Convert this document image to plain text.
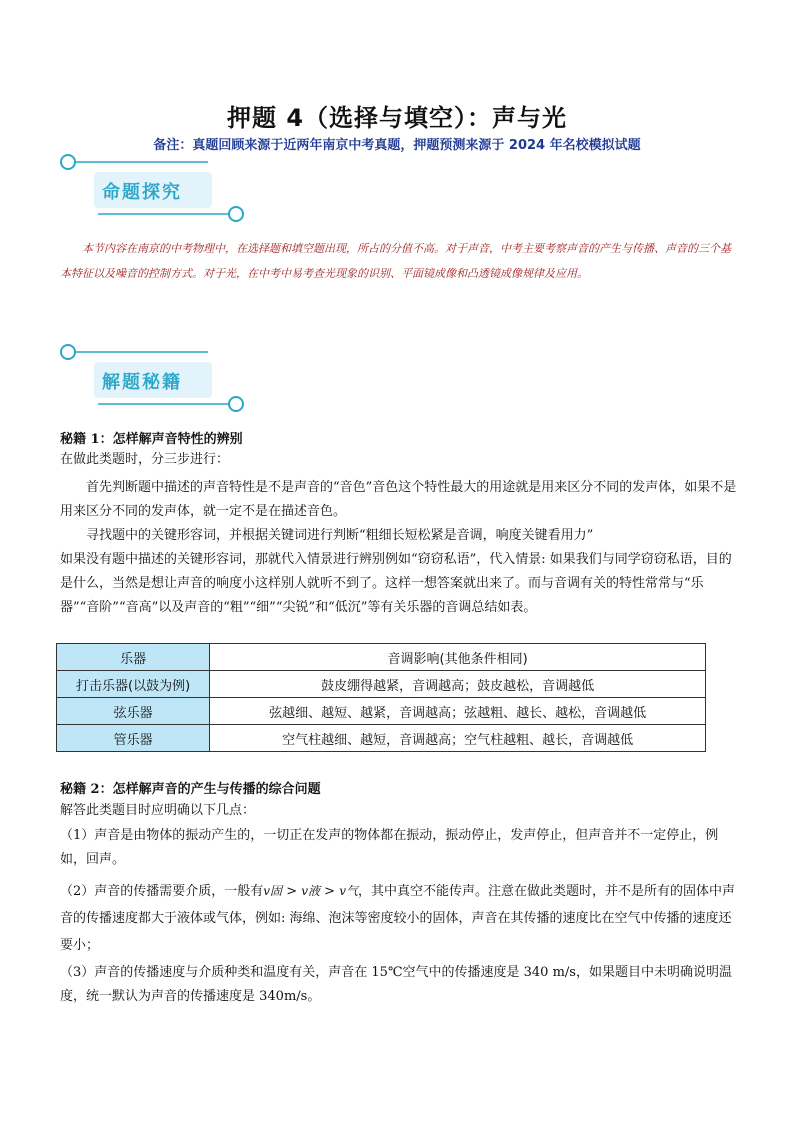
押题 4（选择与填空）：声与光
备注：真题回顾来源于近两年南京中考真题，押题预测来源于 2024 年名校模拟试题
命题探究
本节内容在南京的中考物理中，在选择题和填空题出现，所占的分值不高。对于声音，中考主要考察声音的产生与传播、声音的三个基本特征以及噪音的控制方式。对于光，在中考中易考查光现象的识别、平面镜成像和凸透镜成像规律及应用。
解题秘籍
秘籍 1：怎样解声音特性的辨别
在做此类题时，分三步进行：
首先判断题中描述的声音特性是不是声音的“音色”音色这个特性最大的用途就是用来区分不同的发声体，如果不是用来区分不同的发声体，就一定不是在描述音色。
寻找题中的关键形容词，并根据关键词进行判断“粗细长短松紧是音调，响度关键看用力”
如果没有题中描述的关键形容词，那就代入情景进行辨别例如“窃窃私语”，代入情景: 如果我们与同学窃窃私语，目的是什么，当然是想让声音的响度小这样别人就听不到了。这样一想答案就出来了。而与音调有关的特性常常与“乐器”“音阶”“音高”以及声音的“粗”“细”“尖锐”和“低沉”等有关乐器的音调总结如表。
乐器	音调影响(其他条件相同)
打击乐器(以鼓为例)	鼓皮绷得越紧，音调越高；鼓皮越松，音调越低
弦乐器	弦越细、越短、越紧，音调越高；弦越粗、越长、越松，音调越低
管乐器	空气柱越细、越短，音调越高；空气柱越粗、越长，音调越低
秘籍 2：怎样解声音的产生与传播的综合问题
解答此类题目时应明确以下几点：
（1）声音是由物体的振动产生的，一切正在发声的物体都在振动，振动停止，发声停止，但声音并不一定停止，例如，回声。
（2）声音的传播需要介质，一般有v固 > v液 > v气，其中真空不能传声。注意在做此类题时，并不是所有的固体中声音的传播速度都大于液体或气体，例如: 海绵、泡沫等密度较小的固体，声音在其传播的速度比在空气中传播的速度还要小；
（3）声音的传播速度与介质种类和温度有关，声音在 15℃空气中的传播速度是 340 m/s，如果题目中未明确说明温度，统一默认为声音的传播速度是 340m/s。
